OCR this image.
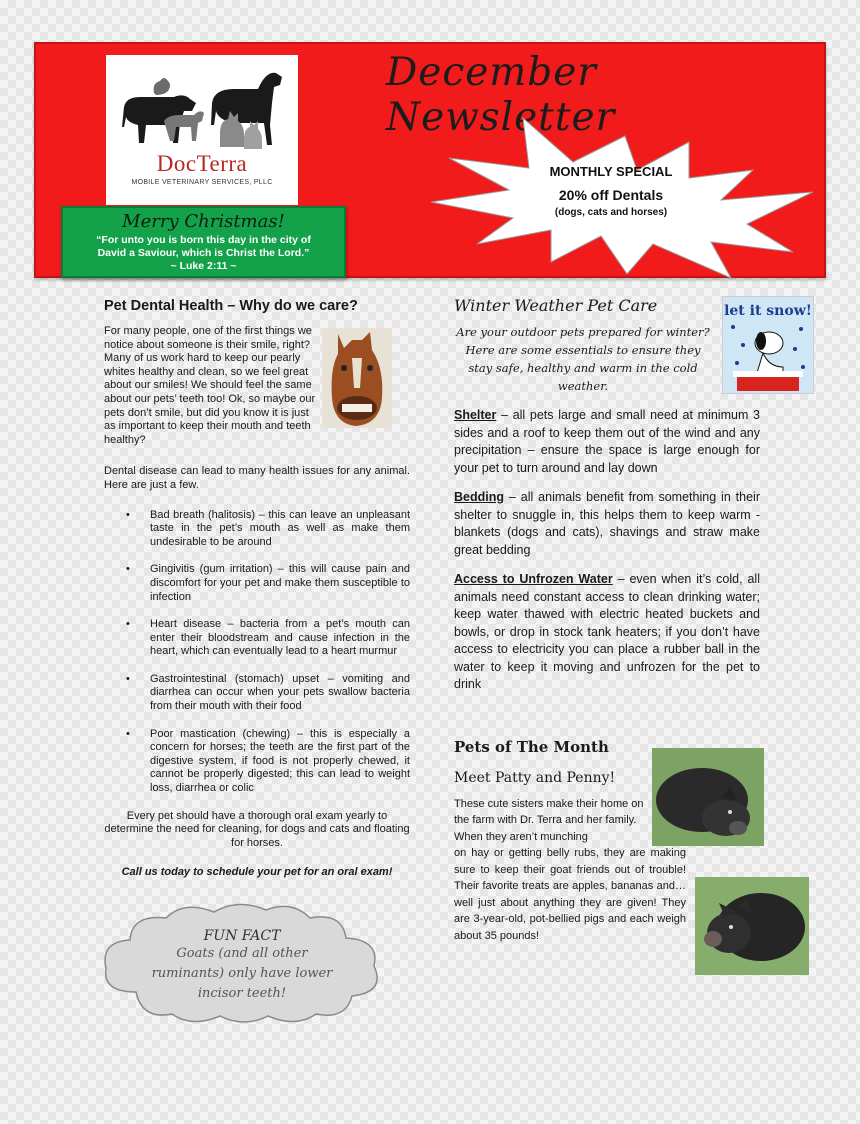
DocTerra
MOBILE VETERINARY SERVICES, PLLC
December Newsletter
MONTHLY SPECIAL
20% off Dentals
(dogs, cats and horses)
Merry Christmas!
“For unto you is born this day in the city of
David a Saviour, which is Christ the Lord.”
~ Luke 2:11 ~
Pet Dental Health – Why do we care?

For many people, one of the first things we notice about someone is their smile, right? Many of us work hard to keep our pearly whites healthy and clean, so we feel great about our smiles! We should feel the same about our pets’ teeth too! Ok, so maybe our pets don’t smile, but did you know it is just as important to keep their mouth and teeth healthy?

Dental disease can lead to many health issues for any animal. Here are just a few.

• Bad breath (halitosis) – this can leave an unpleasant taste in the pet’s mouth as well as make them undesirable to be around
• Gingivitis (gum irritation) – this will cause pain and discomfort for your pet and make them susceptible to infection
• Heart disease – bacteria from a pet’s mouth can enter their bloodstream and cause infection in the heart, which can eventually lead to a heart murmur
• Gastrointestinal (stomach) upset – vomiting and diarrhea can occur when your pets swallow bacteria from their mouth with their food
• Poor mastication (chewing) – this is especially a concern for horses; the teeth are the first part of the digestive system, if food is not properly chewed, it cannot be properly digested; this can lead to weight loss, diarrhea or colic

Every pet should have a thorough oral exam yearly to determine the need for cleaning, for dogs and cats and floating for horses.

Call us today to schedule your pet for an oral exam!

FUN FACT
Goats (and all other ruminants) only have lower incisor teeth!
Winter Weather Pet Care

Are your outdoor pets prepared for winter? Here are some essentials to ensure they stay safe, healthy and warm in the cold weather.

Shelter – all pets large and small need at minimum 3 sides and a roof to keep them out of the wind and any precipitation – ensure the space is large enough for your pet to turn around and lay down

Bedding – all animals benefit from something in their shelter to snuggle in, this helps them to keep warm - blankets (dogs and cats), shavings and straw make great bedding

Access to Unfrozen Water – even when it’s cold, all animals need constant access to clean drinking water; keep water thawed with electric heated buckets and bowls, or drop in stock tank heaters; if you don’t have access to electricity you can place a rubber ball in the water to keep it moving and unfrozen for the pet to drink

Pets of The Month
Meet Patty and Penny!
These cute sisters make their home on the farm with Dr. Terra and her family. When they aren’t munching
on hay or getting belly rubs, they are making sure to keep their goat friends out of trouble! Their favorite treats are apples, bananas and…well just about anything they are given! They are 3-year-old, pot-bellied pigs and each weigh about 35 pounds!
let it snow!
